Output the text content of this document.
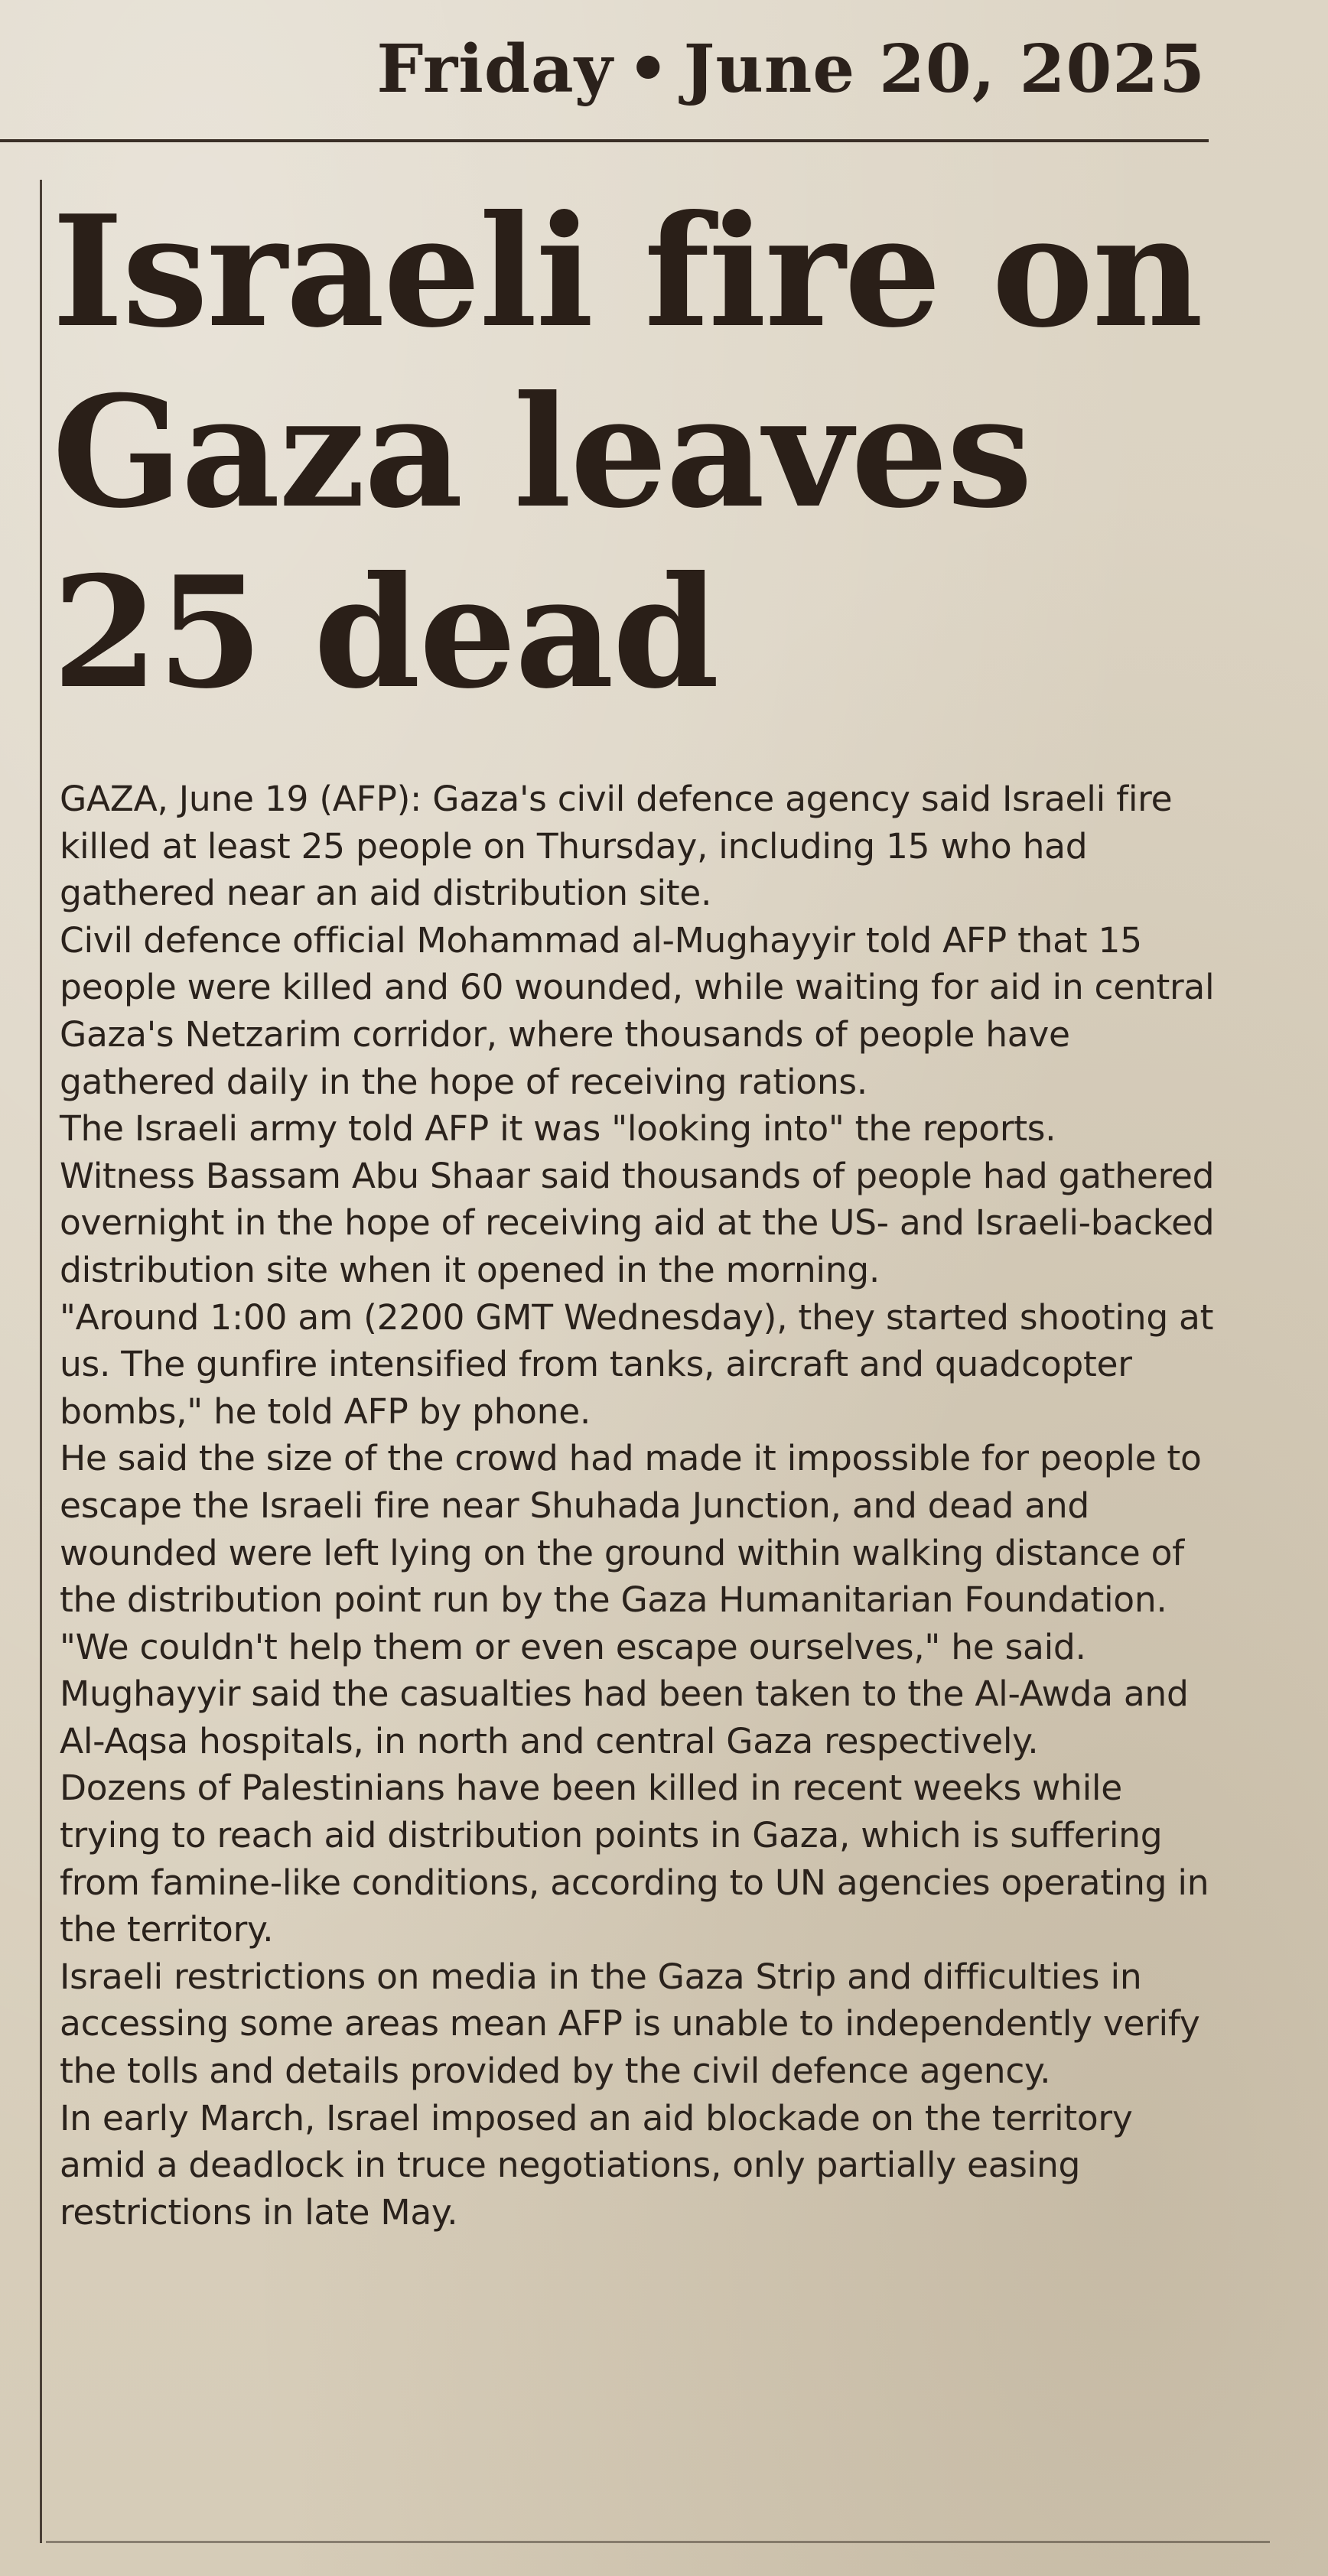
Friday • June 20, 2025
Israeli fire on
Gaza leaves
25 dead

GAZA, June 19 (AFP): Gaza's civil defence agency said Israeli fire killed at least 25 people on Thursday, including 15 who had gathered near an aid distribution site.

Civil defence official Mohammad al-Mughayyir told AFP that 15 people were killed and 60 wounded, while waiting for aid in central Gaza's Netzarim corridor, where thousands of people have gathered daily in the hope of receiving rations.

The Israeli army told AFP it was "looking into" the reports.

Witness Bassam Abu Shaar said thousands of people had gathered overnight in the hope of receiving aid at the US- and Israeli-backed distribution site when it opened in the morning.

"Around 1:00 am (2200 GMT Wednesday), they started shooting at us. The gunfire intensified from tanks, aircraft and quadcopter bombs," he told AFP by phone.

He said the size of the crowd had made it impossible for people to escape the Israeli fire near Shuhada Junction, and dead and wounded were left lying on the ground within walking distance of the distribution point run by the Gaza Humanitarian Foundation.

"We couldn't help them or even escape ourselves," he said.

Mughayyir said the casualties had been taken to the Al-Awda and Al-Aqsa hospitals, in north and central Gaza respectively.

Dozens of Palestinians have been killed in recent weeks while trying to reach aid distribution points in Gaza, which is suffering from famine-like conditions, according to UN agencies operating in the territory.

Israeli restrictions on media in the Gaza Strip and difficulties in accessing some areas mean AFP is unable to independently verify the tolls and details provided by the civil defence agency.

In early March, Israel imposed an aid blockade on the territory amid a deadlock in truce negotiations, only partially easing restrictions in late May.
